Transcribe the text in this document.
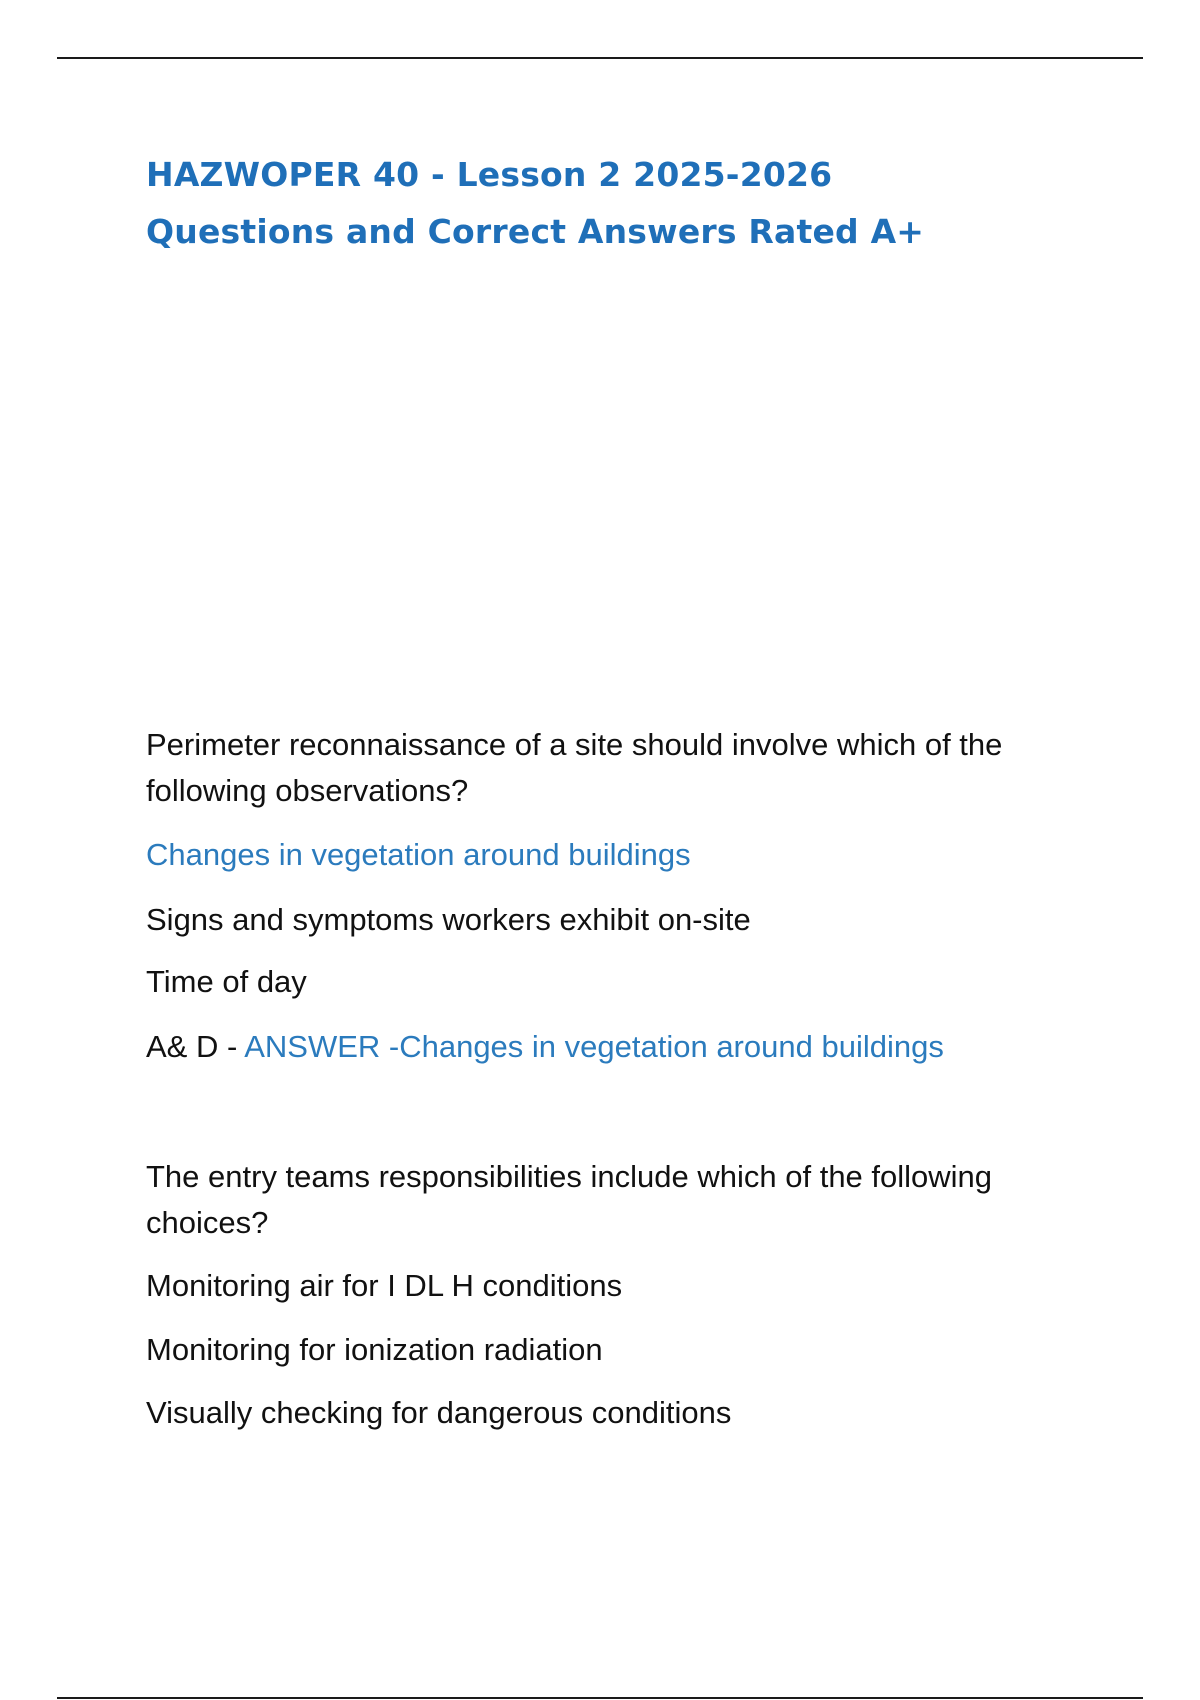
HAZWOPER 40 - Lesson 2 2025-2026
Questions and Correct Answers Rated A+
Perimeter reconnaissance of a site should involve which of the following observations?
Changes in vegetation around buildings
Signs and symptoms workers exhibit on-site
Time of day
A& D - ANSWER -Changes in vegetation around buildings
The entry teams responsibilities include which of the following choices?
Monitoring air for I DL H conditions
Monitoring for ionization radiation
Visually checking for dangerous conditions
